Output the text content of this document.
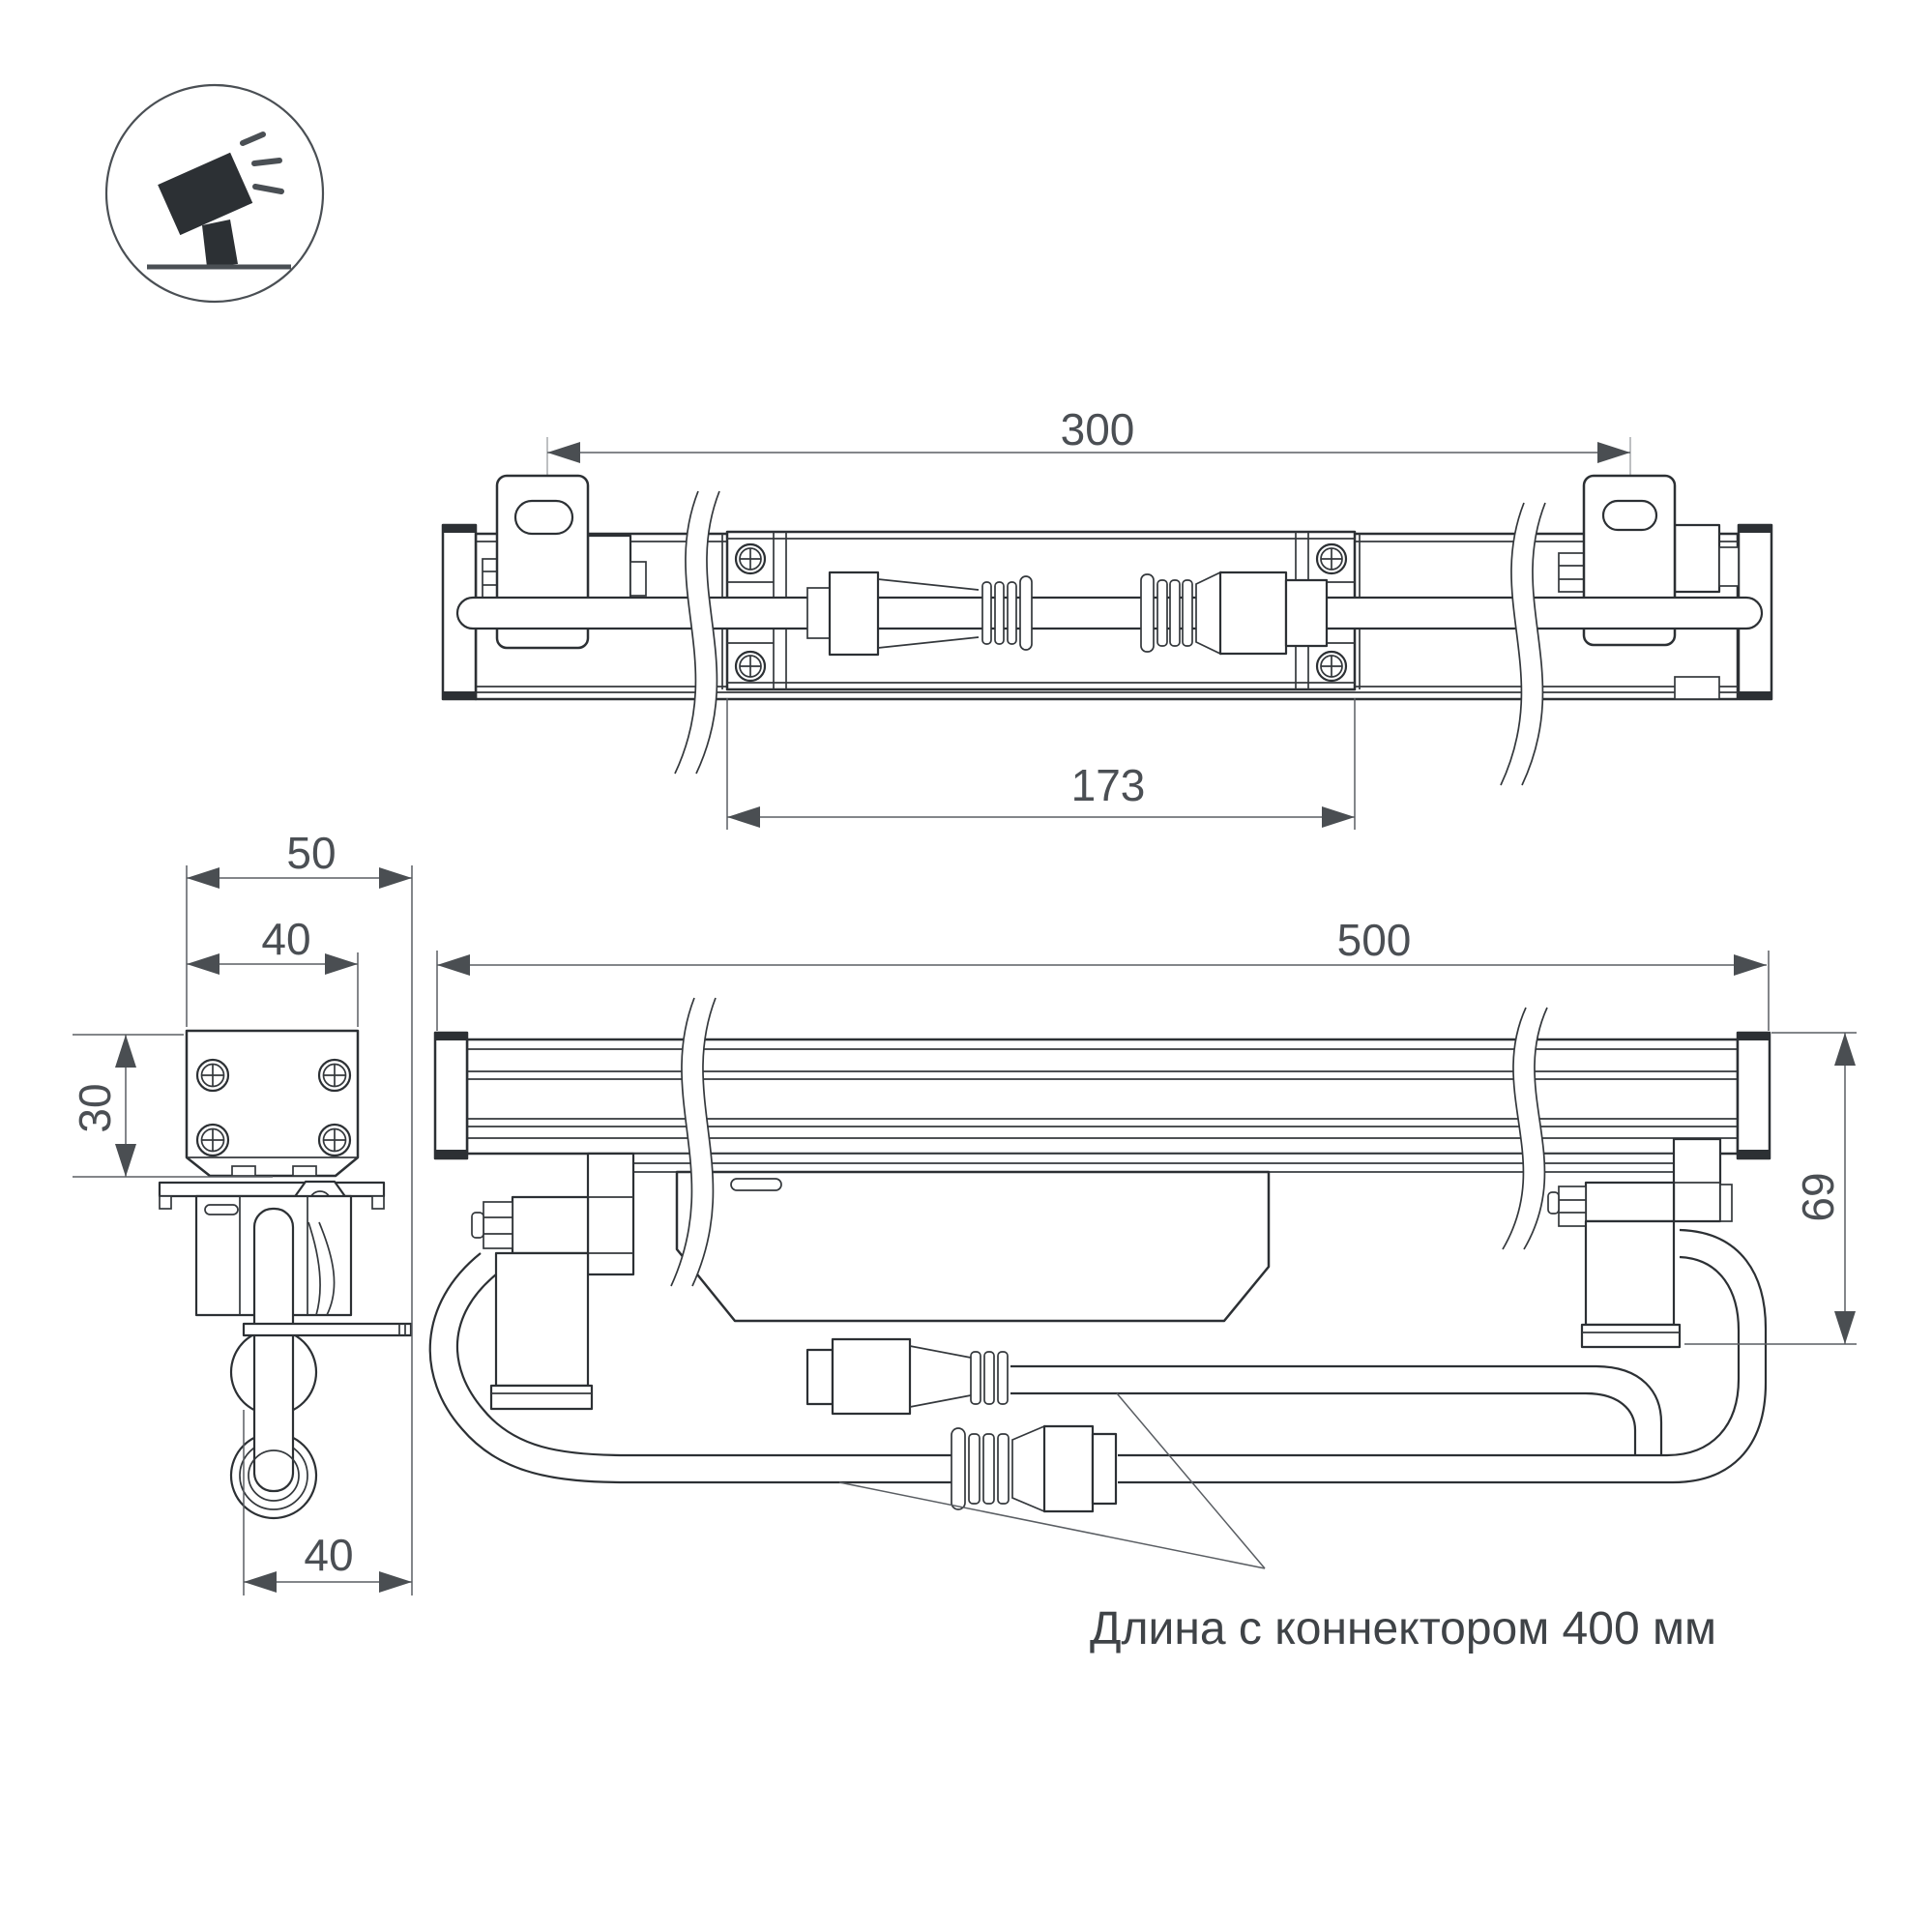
300
173
30
50
40
40
500
69
Длина с коннектором 400 мм
